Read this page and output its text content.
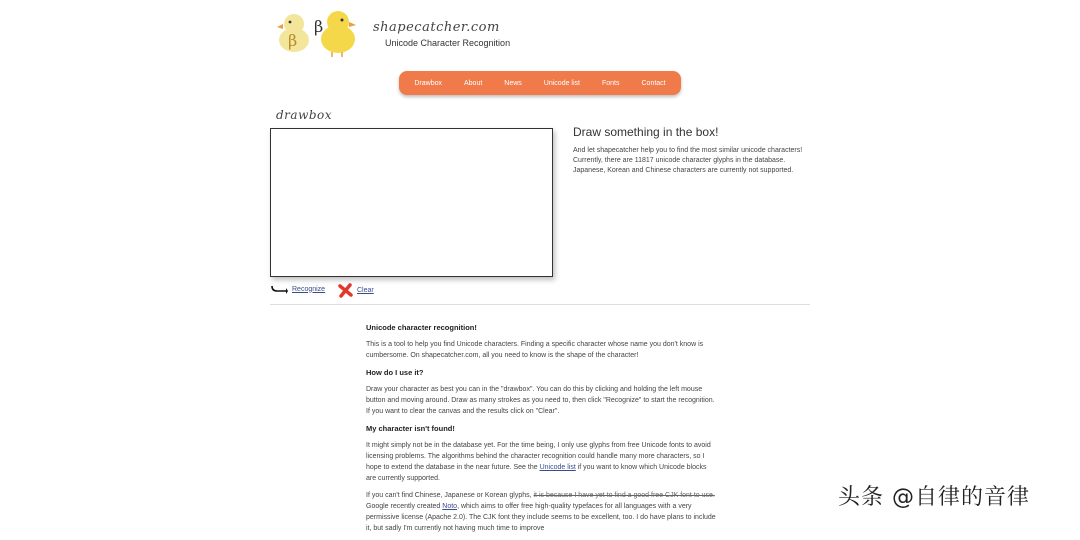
β
β	shapecatcher.com
Unicode Character Recognition
Drawbox	About	News	Unicode list	Fonts	Contact
drawbox
Draw something in the box!

And let shapecatcher help you to find the most similar unicode characters!

Currently, there are 11817 unicode character glyphs in the database.

Japanese, Korean and Chinese characters are currently not supported.

Recognize	Clear
Unicode character recognition!

This is a tool to help you find Unicode characters. Finding a specific character whose name you don't know is cumbersome. On shapecatcher.com, all you need to know is the shape of the character!

How do I use it?

Draw your character as best you can in the "drawbox". You can do this by clicking and holding the left mouse button and moving around. Draw as many strokes as you need to, then click "Recognize" to start the recognition. If you want to clear the canvas and the results click on "Clear".

My character isn't found!

It might simply not be in the database yet. For the time being, I only use glyphs from free Unicode fonts to avoid licensing problems. The algorithms behind the character recognition could handle many more characters, so I hope to extend the database in the near future. See the Unicode list if you want to know which Unicode blocks are currently supported.

If you can't find Chinese, Japanese or Korean glyphs, it is because I have yet to find a good free CJK font to use. Google recently created Noto, which aims to offer free high-quality typefaces for all languages with a very permissive license (Apache 2.0). The CJK font they include seems to be excellent, too. I do have plans to include it, but sadly I'm currently not having much time to improve

头条 @自律的音律
